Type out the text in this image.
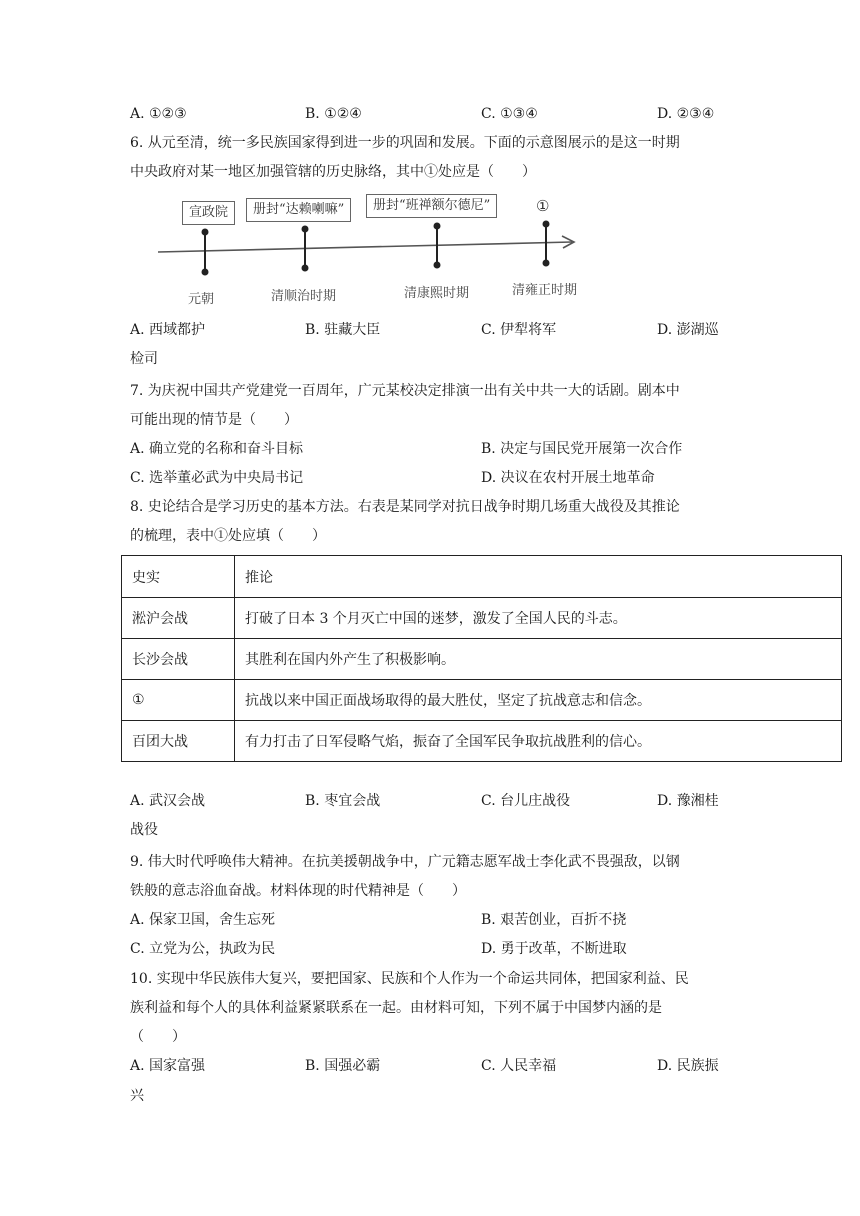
A. ①②③	B. ①②④	C. ①③④	D. ②③④
6. 从元至清，统一多民族国家得到进一步的巩固和发展。下面的示意图展示的是这一时期
中央政府对某一地区加强管辖的历史脉络，其中①处应是（　　）
宣政院	册封“达赖喇嘛”	册封“班禅额尔德尼”	①
元朝	清顺治时期	清康熙时期	清雍正时期
A. 西域都护	B. 驻藏大臣	C. 伊犁将军	D. 澎湖巡
检司
7. 为庆祝中国共产党建党一百周年，广元某校决定排演一出有关中共一大的话剧。剧本中
可能出现的情节是（　　）
A. 确立党的名称和奋斗目标	B. 决定与国民党开展第一次合作
C. 选举董必武为中央局书记	D. 决议在农村开展土地革命
8. 史论结合是学习历史的基本方法。右表是某同学对抗日战争时期几场重大战役及其推论
的梳理，表中①处应填（　　）
史实	推论
淞沪会战	打破了日本 3 个月灭亡中国的迷梦，激发了全国人民的斗志。
长沙会战	其胜利在国内外产生了积极影响。
①	抗战以来中国正面战场取得的最大胜仗，坚定了抗战意志和信念。
百团大战	有力打击了日军侵略气焰，振奋了全国军民争取抗战胜利的信心。
A. 武汉会战	B. 枣宜会战	C. 台儿庄战役	D. 豫湘桂
战役
9. 伟大时代呼唤伟大精神。在抗美援朝战争中，广元籍志愿军战士李化武不畏强敌，以钢
铁般的意志浴血奋战。材料体现的时代精神是（　　）
A. 保家卫国，舍生忘死	B. 艰苦创业，百折不挠
C. 立党为公，执政为民	D. 勇于改革，不断进取
10. 实现中华民族伟大复兴，要把国家、民族和个人作为一个命运共同体，把国家利益、民
族利益和每个人的具体利益紧紧联系在一起。由材料可知，下列不属于中国梦内涵的是
（　　）
A. 国家富强	B. 国强必霸	C. 人民幸福	D. 民族振
兴
